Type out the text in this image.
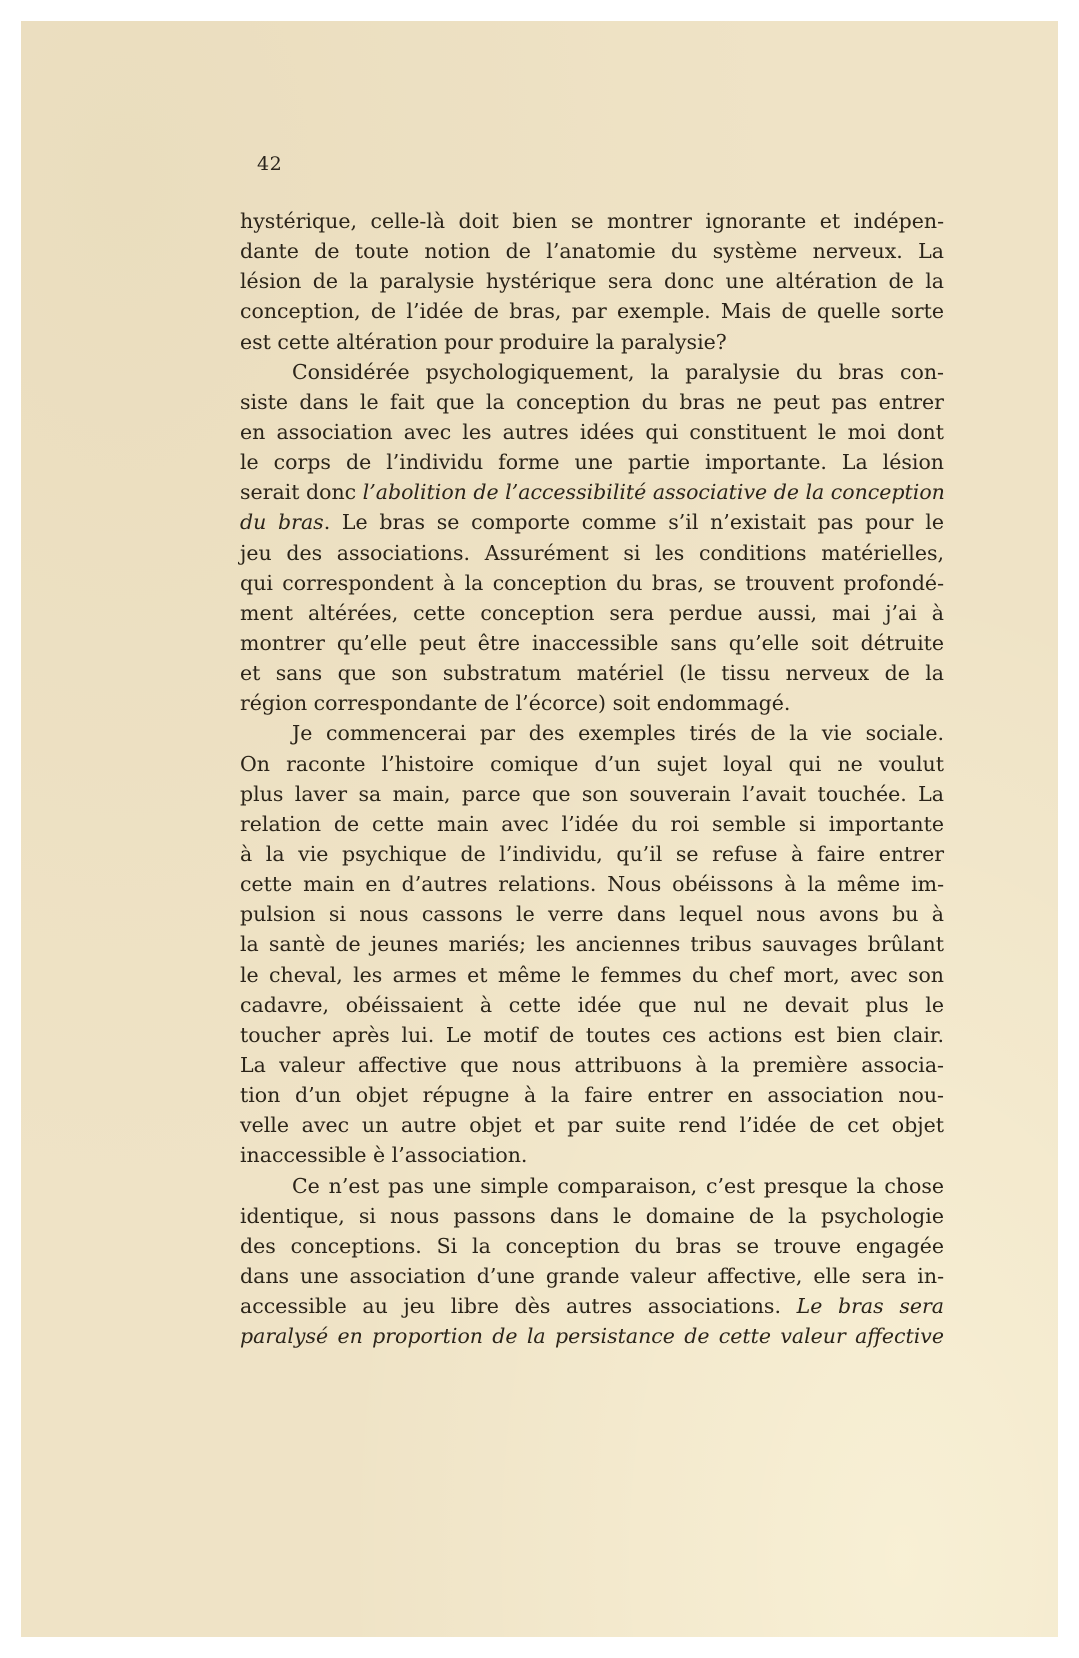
42
hystérique, celle-là doit bien se montrer ignorante et indépen-
dante de toute notion de l’anatomie du système nerveux. La
lésion de la paralysie hystérique sera donc une altération de la
conception, de l’idée de bras, par exemple. Mais de quelle sorte
est cette altération pour produire la paralysie?
Considérée psychologiquement, la paralysie du bras con-
siste dans le fait que la conception du bras ne peut pas entrer
en association avec les autres idées qui constituent le moi dont
le corps de l’individu forme une partie importante. La lésion
serait donc l’abolition de l’accessibilité associative de la conception
du bras. Le bras se comporte comme s’il n’existait pas pour le
jeu des associations. Assurément si les conditions matérielles,
qui correspondent à la conception du bras, se trouvent profondé-
ment altérées, cette conception sera perdue aussi, mai j’ai à
montrer qu’elle peut être inaccessible sans qu’elle soit détruite
et sans que son substratum matériel (le tissu nerveux de la
région correspondante de l’écorce) soit endommagé.
Je commencerai par des exemples tirés de la vie sociale.
On raconte l’histoire comique d’un sujet loyal qui ne voulut
plus laver sa main, parce que son souverain l’avait touchée. La
relation de cette main avec l’idée du roi semble si importante
à la vie psychique de l’individu, qu’il se refuse à faire entrer
cette main en d’autres relations. Nous obéissons à la même im-
pulsion si nous cassons le verre dans lequel nous avons bu à
la santè de jeunes mariés; les anciennes tribus sauvages brûlant
le cheval, les armes et même le femmes du chef mort, avec son
cadavre, obéissaient à cette idée que nul ne devait plus le
toucher après lui. Le motif de toutes ces actions est bien clair.
La valeur affective que nous attribuons à la première associa-
tion d’un objet répugne à la faire entrer en association nou-
velle avec un autre objet et par suite rend l’idée de cet objet
inaccessible è l’association.
Ce n’est pas une simple comparaison, c’est presque la chose
identique, si nous passons dans le domaine de la psychologie
des conceptions. Si la conception du bras se trouve engagée
dans une association d’une grande valeur affective, elle sera in-
accessible au jeu libre dès autres associations. Le bras sera
paralysé en proportion de la persistance de cette valeur affective
